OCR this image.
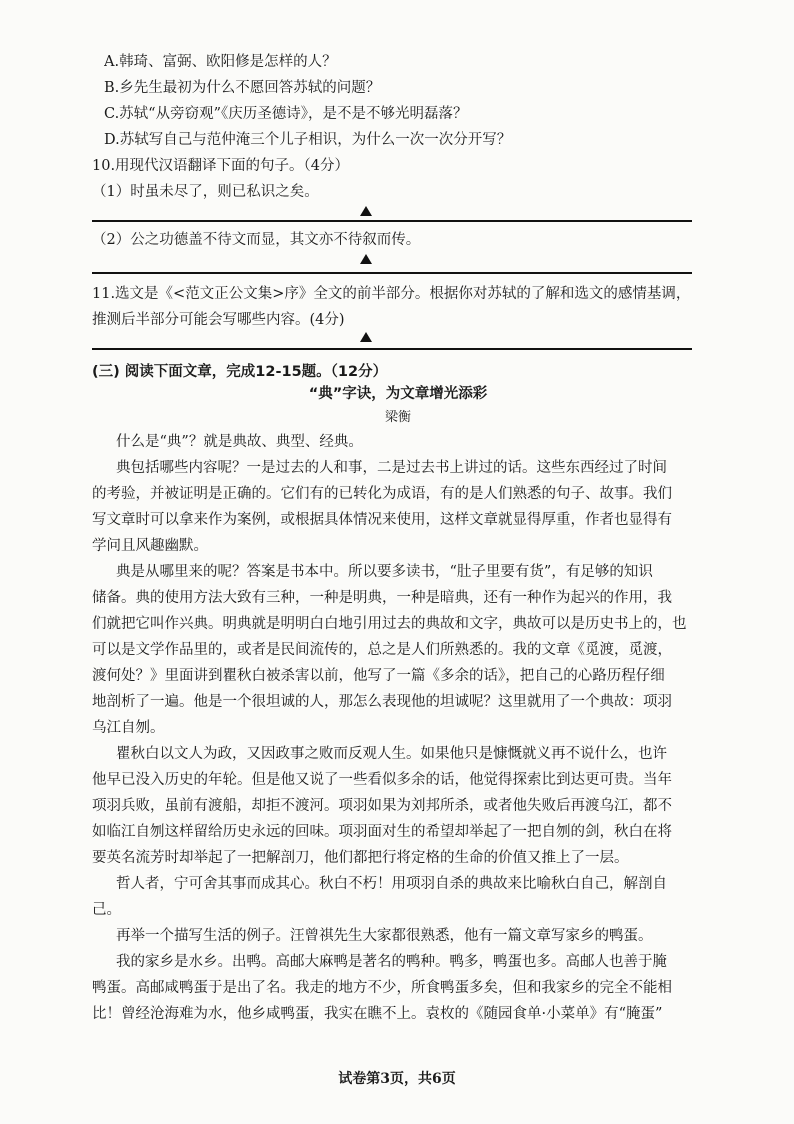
A.韩琦、富弼、欧阳修是怎样的人？
B.乡先生最初为什么不愿回答苏轼的问题？
C.苏轼“从旁窃观”《庆历圣德诗》，是不是不够光明磊落？
D.苏轼写自己与范仲淹三个儿子相识，为什么一次一次分开写？
10.用现代汉语翻译下面的句子。（4分）
（1）时虽未尽了，则已私识之矣。
（2）公之功德盖不待文而显，其文亦不待叙而传。
11.选文是《<范文正公文集>序》全文的前半部分。根据你对苏轼的了解和选文的感情基调，
推测后半部分可能会写哪些内容。(4分)
(三) 阅读下面文章，完成12-15题。（12分）
“典”字诀，为文章增光添彩
梁衡
什么是“典”？就是典故、典型、经典。
典包括哪些内容呢？一是过去的人和事，二是过去书上讲过的话。这些东西经过了时间
的考验，并被证明是正确的。它们有的已转化为成语，有的是人们熟悉的句子、故事。我们
写文章时可以拿来作为案例，或根据具体情况来使用，这样文章就显得厚重，作者也显得有
学问且风趣幽默。
典是从哪里来的呢？答案是书本中。所以要多读书，“肚子里要有货”，有足够的知识
储备。典的使用方法大致有三种，一种是明典，一种是暗典，还有一种作为起兴的作用，我
们就把它叫作兴典。明典就是明明白白地引用过去的典故和文字，典故可以是历史书上的，也
可以是文学作品里的，或者是民间流传的，总之是人们所熟悉的。我的文章《觅渡，觅渡，
渡何处？》里面讲到瞿秋白被杀害以前，他写了一篇《多余的话》，把自己的心路历程仔细
地剖析了一遍。他是一个很坦诚的人，那怎么表现他的坦诚呢？这里就用了一个典故：项羽
乌江自刎。
瞿秋白以文人为政，又因政事之败而反观人生。如果他只是慷慨就义再不说什么，也许
他早已没入历史的年轮。但是他又说了一些看似多余的话，他觉得探索比到达更可贵。当年
项羽兵败，虽前有渡船，却拒不渡河。项羽如果为刘邦所杀，或者他失败后再渡乌江，都不
如临江自刎这样留给历史永远的回味。项羽面对生的希望却举起了一把自刎的剑，秋白在将
要英名流芳时却举起了一把解剖刀，他们都把行将定格的生命的价值又推上了一层。
哲人者，宁可舍其事而成其心。秋白不朽！用项羽自杀的典故来比喻秋白自己，解剖自
己。
再举一个描写生活的例子。汪曾祺先生大家都很熟悉，他有一篇文章写家乡的鸭蛋。
我的家乡是水乡。出鸭。高邮大麻鸭是著名的鸭种。鸭多，鸭蛋也多。高邮人也善于腌
鸭蛋。高邮咸鸭蛋于是出了名。我走的地方不少，所食鸭蛋多矣，但和我家乡的完全不能相
比！曾经沧海难为水，他乡咸鸭蛋，我实在瞧不上。袁枚的《随园食单·小菜单》有“腌蛋”
试卷第3页，共6页
